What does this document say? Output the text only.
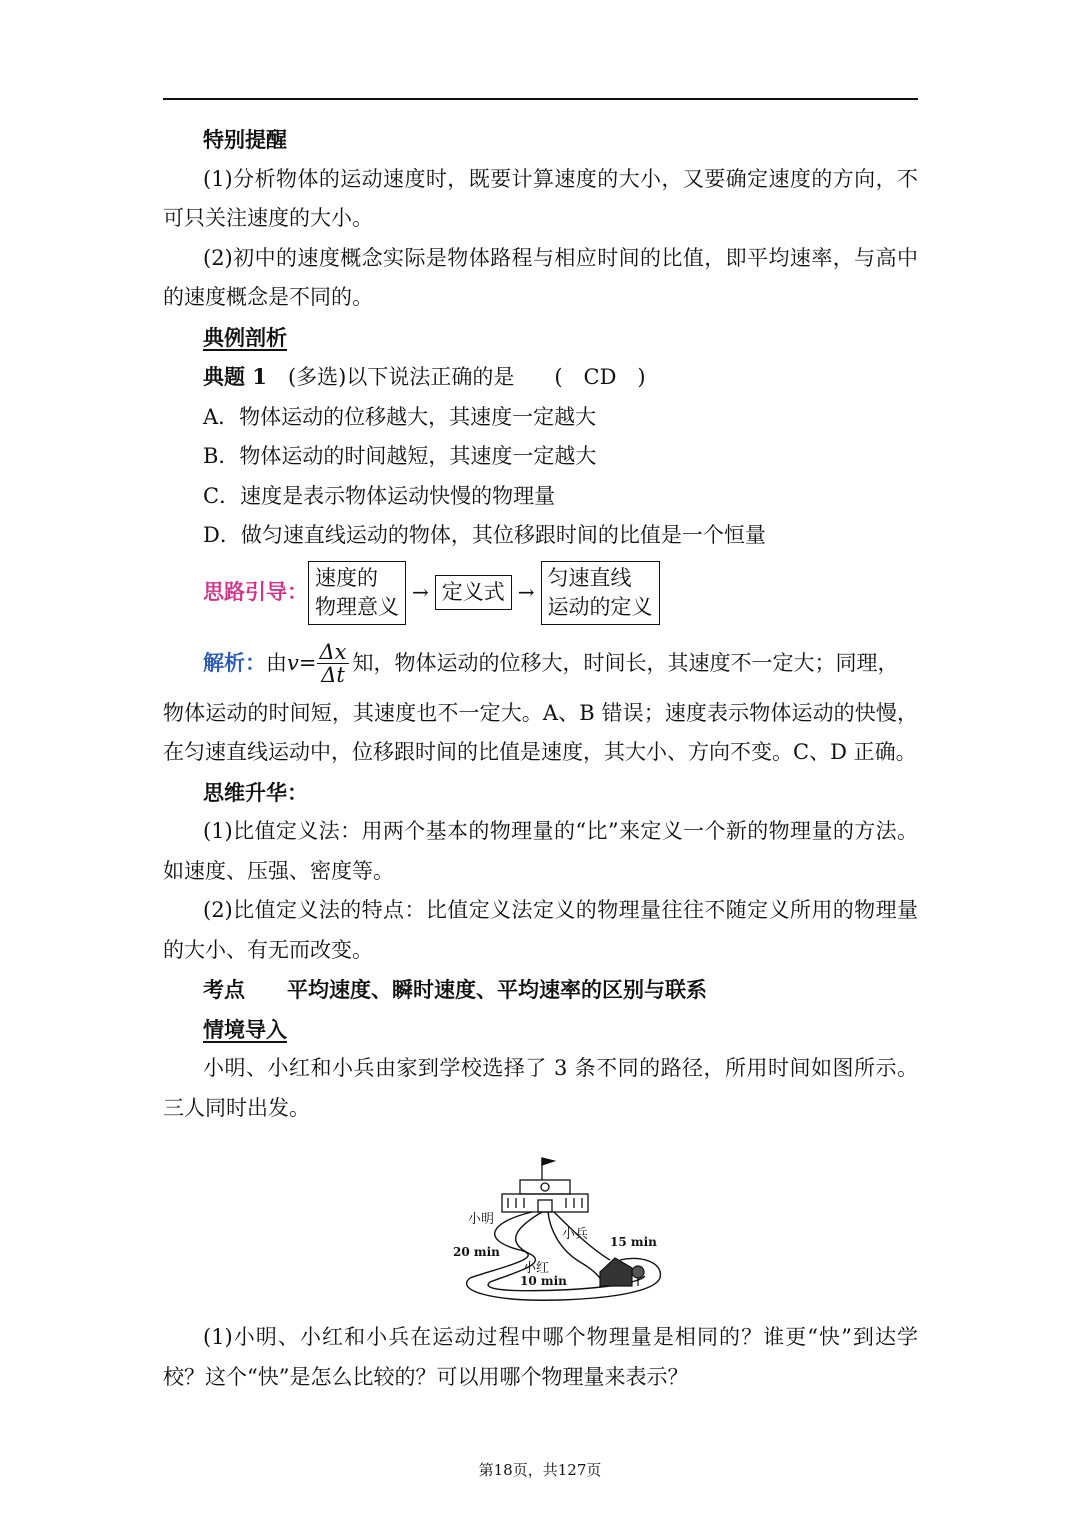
特别提醒

(1)分析物体的运动速度时，既要计算速度的大小，又要确定速度的方向，不可只关注速度的大小。

(2)初中的速度概念实际是物体路程与相应时间的比值，即平均速率，与高中的速度概念是不同的。

典例剖析

典题 1　 (多选)以下说法正确的是 (　CD　)

A．物体运动的位移越大，其速度一定越大

B．物体运动的时间越短，其速度一定越大

C．速度是表示物体运动快慢的物理量

D．做匀速直线运动的物体，其位移跟时间的比值是一个恒量

思路引导：
速度的
物理意义
→ 定义式 →
匀速直线
运动的定义
解析： 由 $v = \frac{\Delta x}{\Delta t}$ 知，物体运动的位移大，时间长，其速度不一定大；同理，

物体运动的时间短，其速度也不一定大。A、B 错误；速度表示物体运动的快慢，在匀速直线运动中，位移跟时间的比值是速度，其大小、方向不变。C、D 正确。

思维升华：

(1)比值定义法：用两个基本的物理量的“比”来定义一个新的物理量的方法。如速度、压强、密度等。

(2)比值定义法的特点：比值定义法定义的物理量往往不随定义所用的物理量的大小、有无而改变。

考点　　 平均速度、瞬时速度、平均速率的区别与联系

情境导入

小明、小红和小兵由家到学校选择了 3 条不同的路径，所用时间如图所示。三人同时出发。

小明
20 min
小兵 15 min
小红
10 min

(1)小明、小红和小兵在运动过程中哪个物理量是相同的？谁更“快”到达学校？这个“快”是怎么比较的？可以用哪个物理量来表示？

第18页，共127页
